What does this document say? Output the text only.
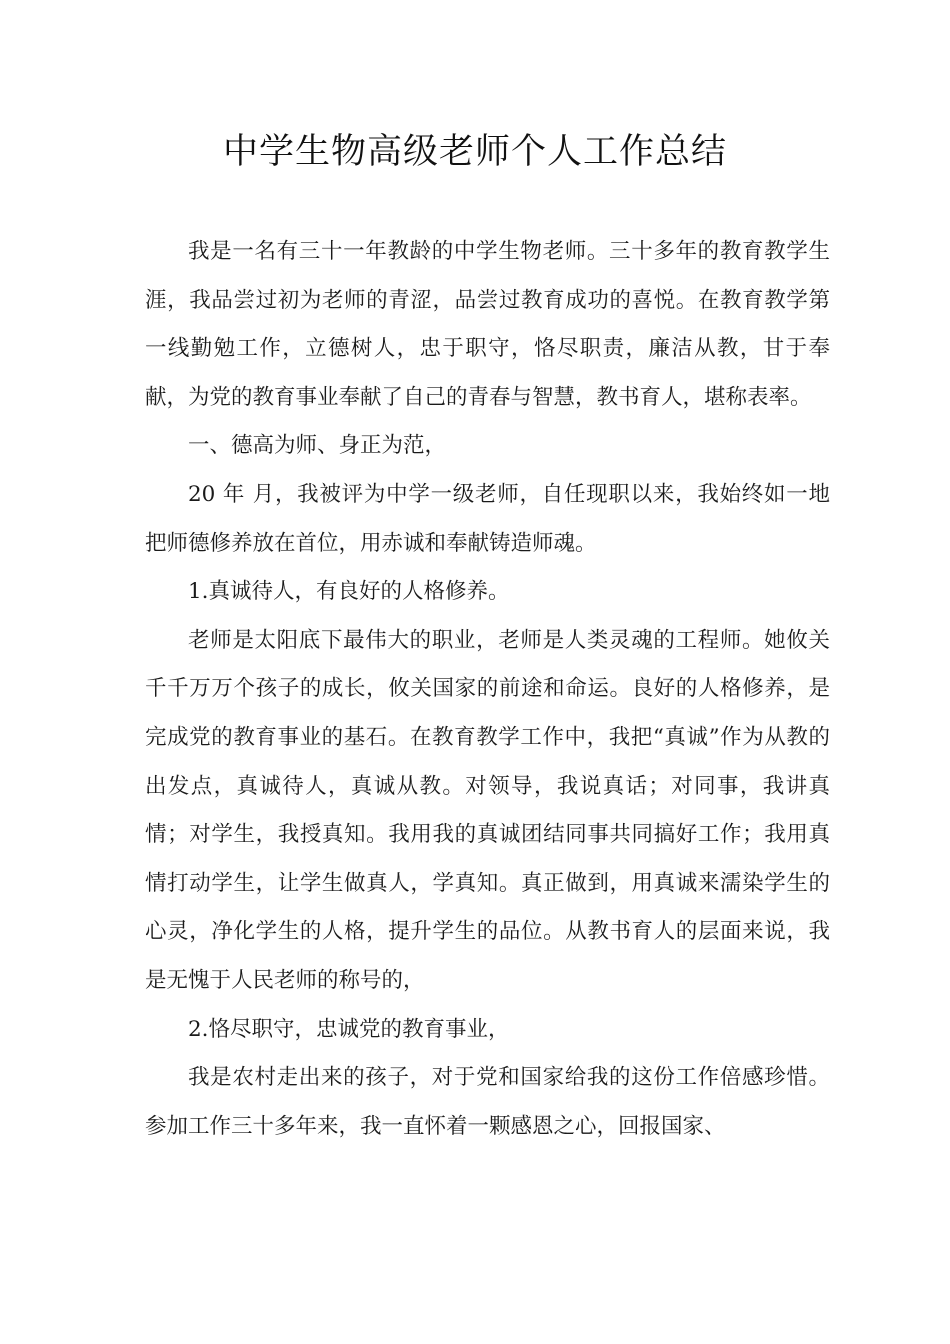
中学生物高级老师个人工作总结

我是一名有三十一年教龄的中学生物老师。三十多年的教育教学生涯，我品尝过初为老师的青涩，品尝过教育成功的喜悦。在教育教学第一线勤勉工作，立德树人，忠于职守，恪尽职责，廉洁从教，甘于奉献，为党的教育事业奉献了自己的青春与智慧，教书育人，堪称表率。

一、德高为师、身正为范，

20 年 月，我被评为中学一级老师，自任现职以来，我始终如一地把师德修养放在首位，用赤诚和奉献铸造师魂。

1.真诚待人，有良好的人格修养。

老师是太阳底下最伟大的职业，老师是人类灵魂的工程师。她攸关千千万万个孩子的成长，攸关国家的前途和命运。良好的人格修养，是完成党的教育事业的基石。在教育教学工作中，我把“真诚”作为从教的出发点，真诚待人，真诚从教。对领导，我说真话；对同事，我讲真情；对学生，我授真知。我用我的真诚团结同事共同搞好工作；我用真情打动学生，让学生做真人，学真知。真正做到，用真诚来濡染学生的心灵，净化学生的人格，提升学生的品位。从教书育人的层面来说，我是无愧于人民老师的称号的，

2.恪尽职守，忠诚党的教育事业，

我是农村走出来的孩子，对于党和国家给我的这份工作倍感珍惜。参加工作三十多年来，我一直怀着一颗感恩之心，回报国家、
